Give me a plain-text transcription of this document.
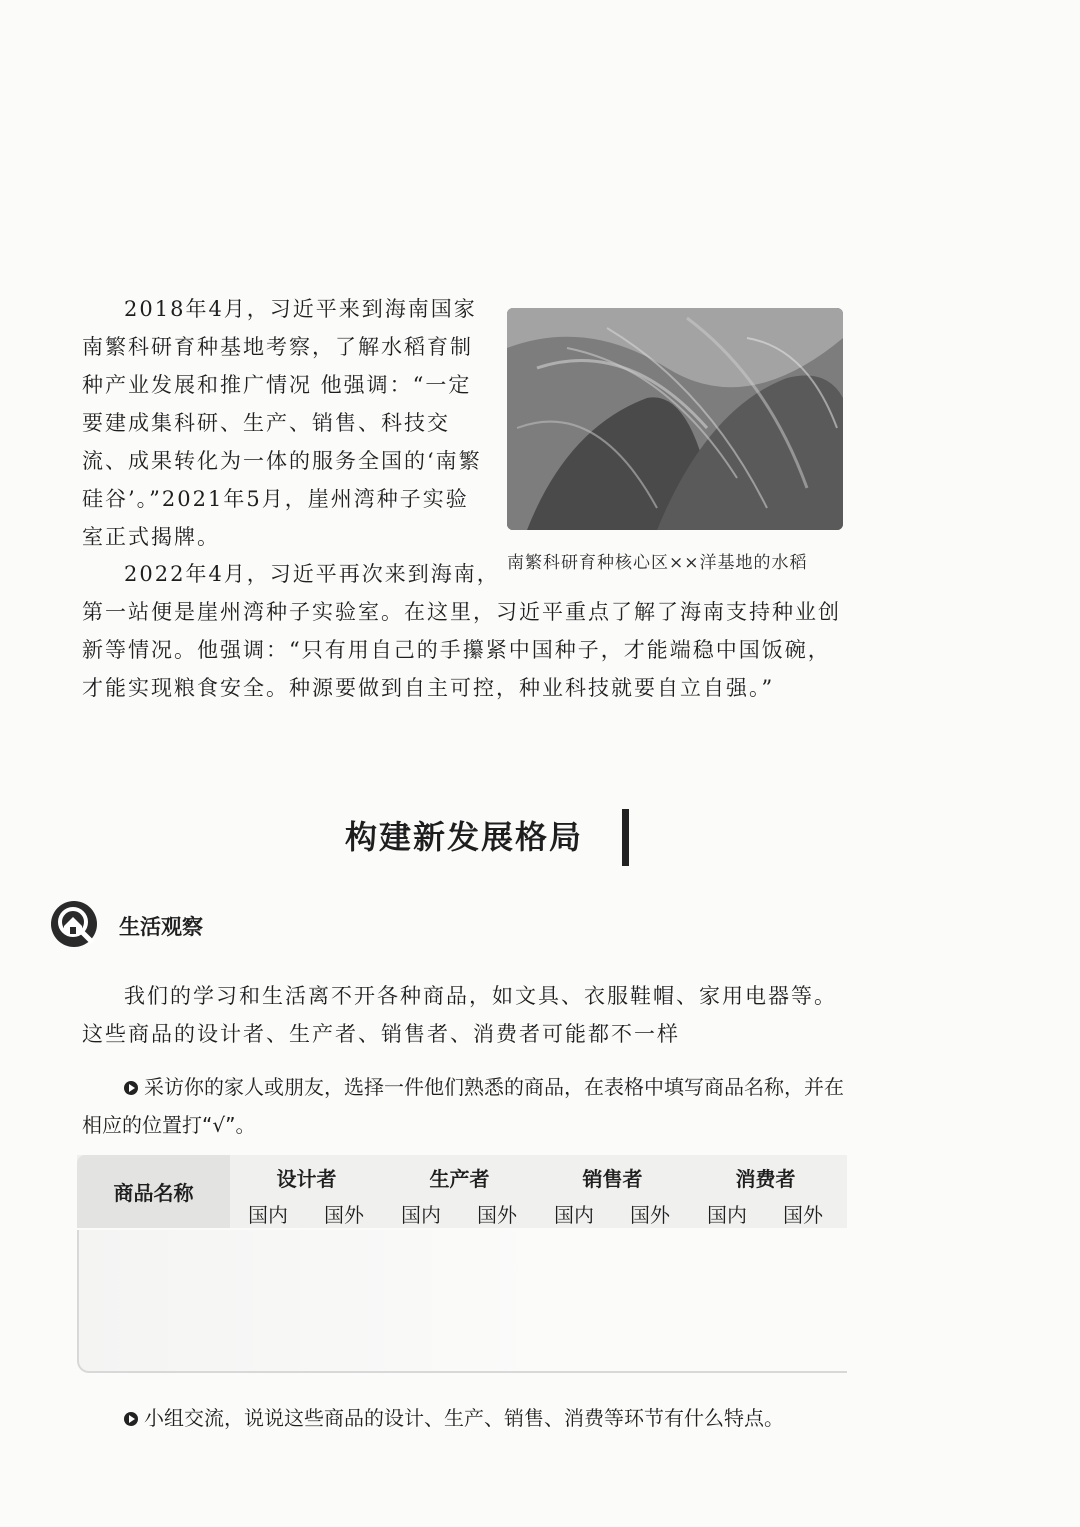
2018年4月，习近平来到海南国家南繁科研育种基地考察，了解水稻育制种产业发展和推广情况 他强调：“一定要建成集科研、生产、销售、科技交流、成果转化为一体的服务全国的‘南繁硅谷’。”2021年5月，崖州湾种子实验室正式揭牌。

南繁科研育种核心区××洋基地的水稻

2022年4月，习近平再次来到海南，
第一站便是崖州湾种子实验室。在这里，习近平重点了解了海南支持种业创新等情况。他强调：“只有用自己的手攥紧中国种子，才能端稳中国饭碗，才能实现粮食安全。种源要做到自主可控，种业科技就要自立自强。”

构建新发展格局
生活观察

我们的学习和生活离不开各种商品，如文具、衣服鞋帽、家用电器等。这些商品的设计者、生产者、销售者、消费者可能都不一样

采访你的家人或朋友，选择一件他们熟悉的商品，在表格中填写商品名称，并在相应的位置打“√”。

商品名称
设计者	生产者	销售者	消费者
国内	国外	国内	国外	国内	国外	国内	国外

小组交流，说说这些商品的设计、生产、销售、消费等环节有什么特点。
